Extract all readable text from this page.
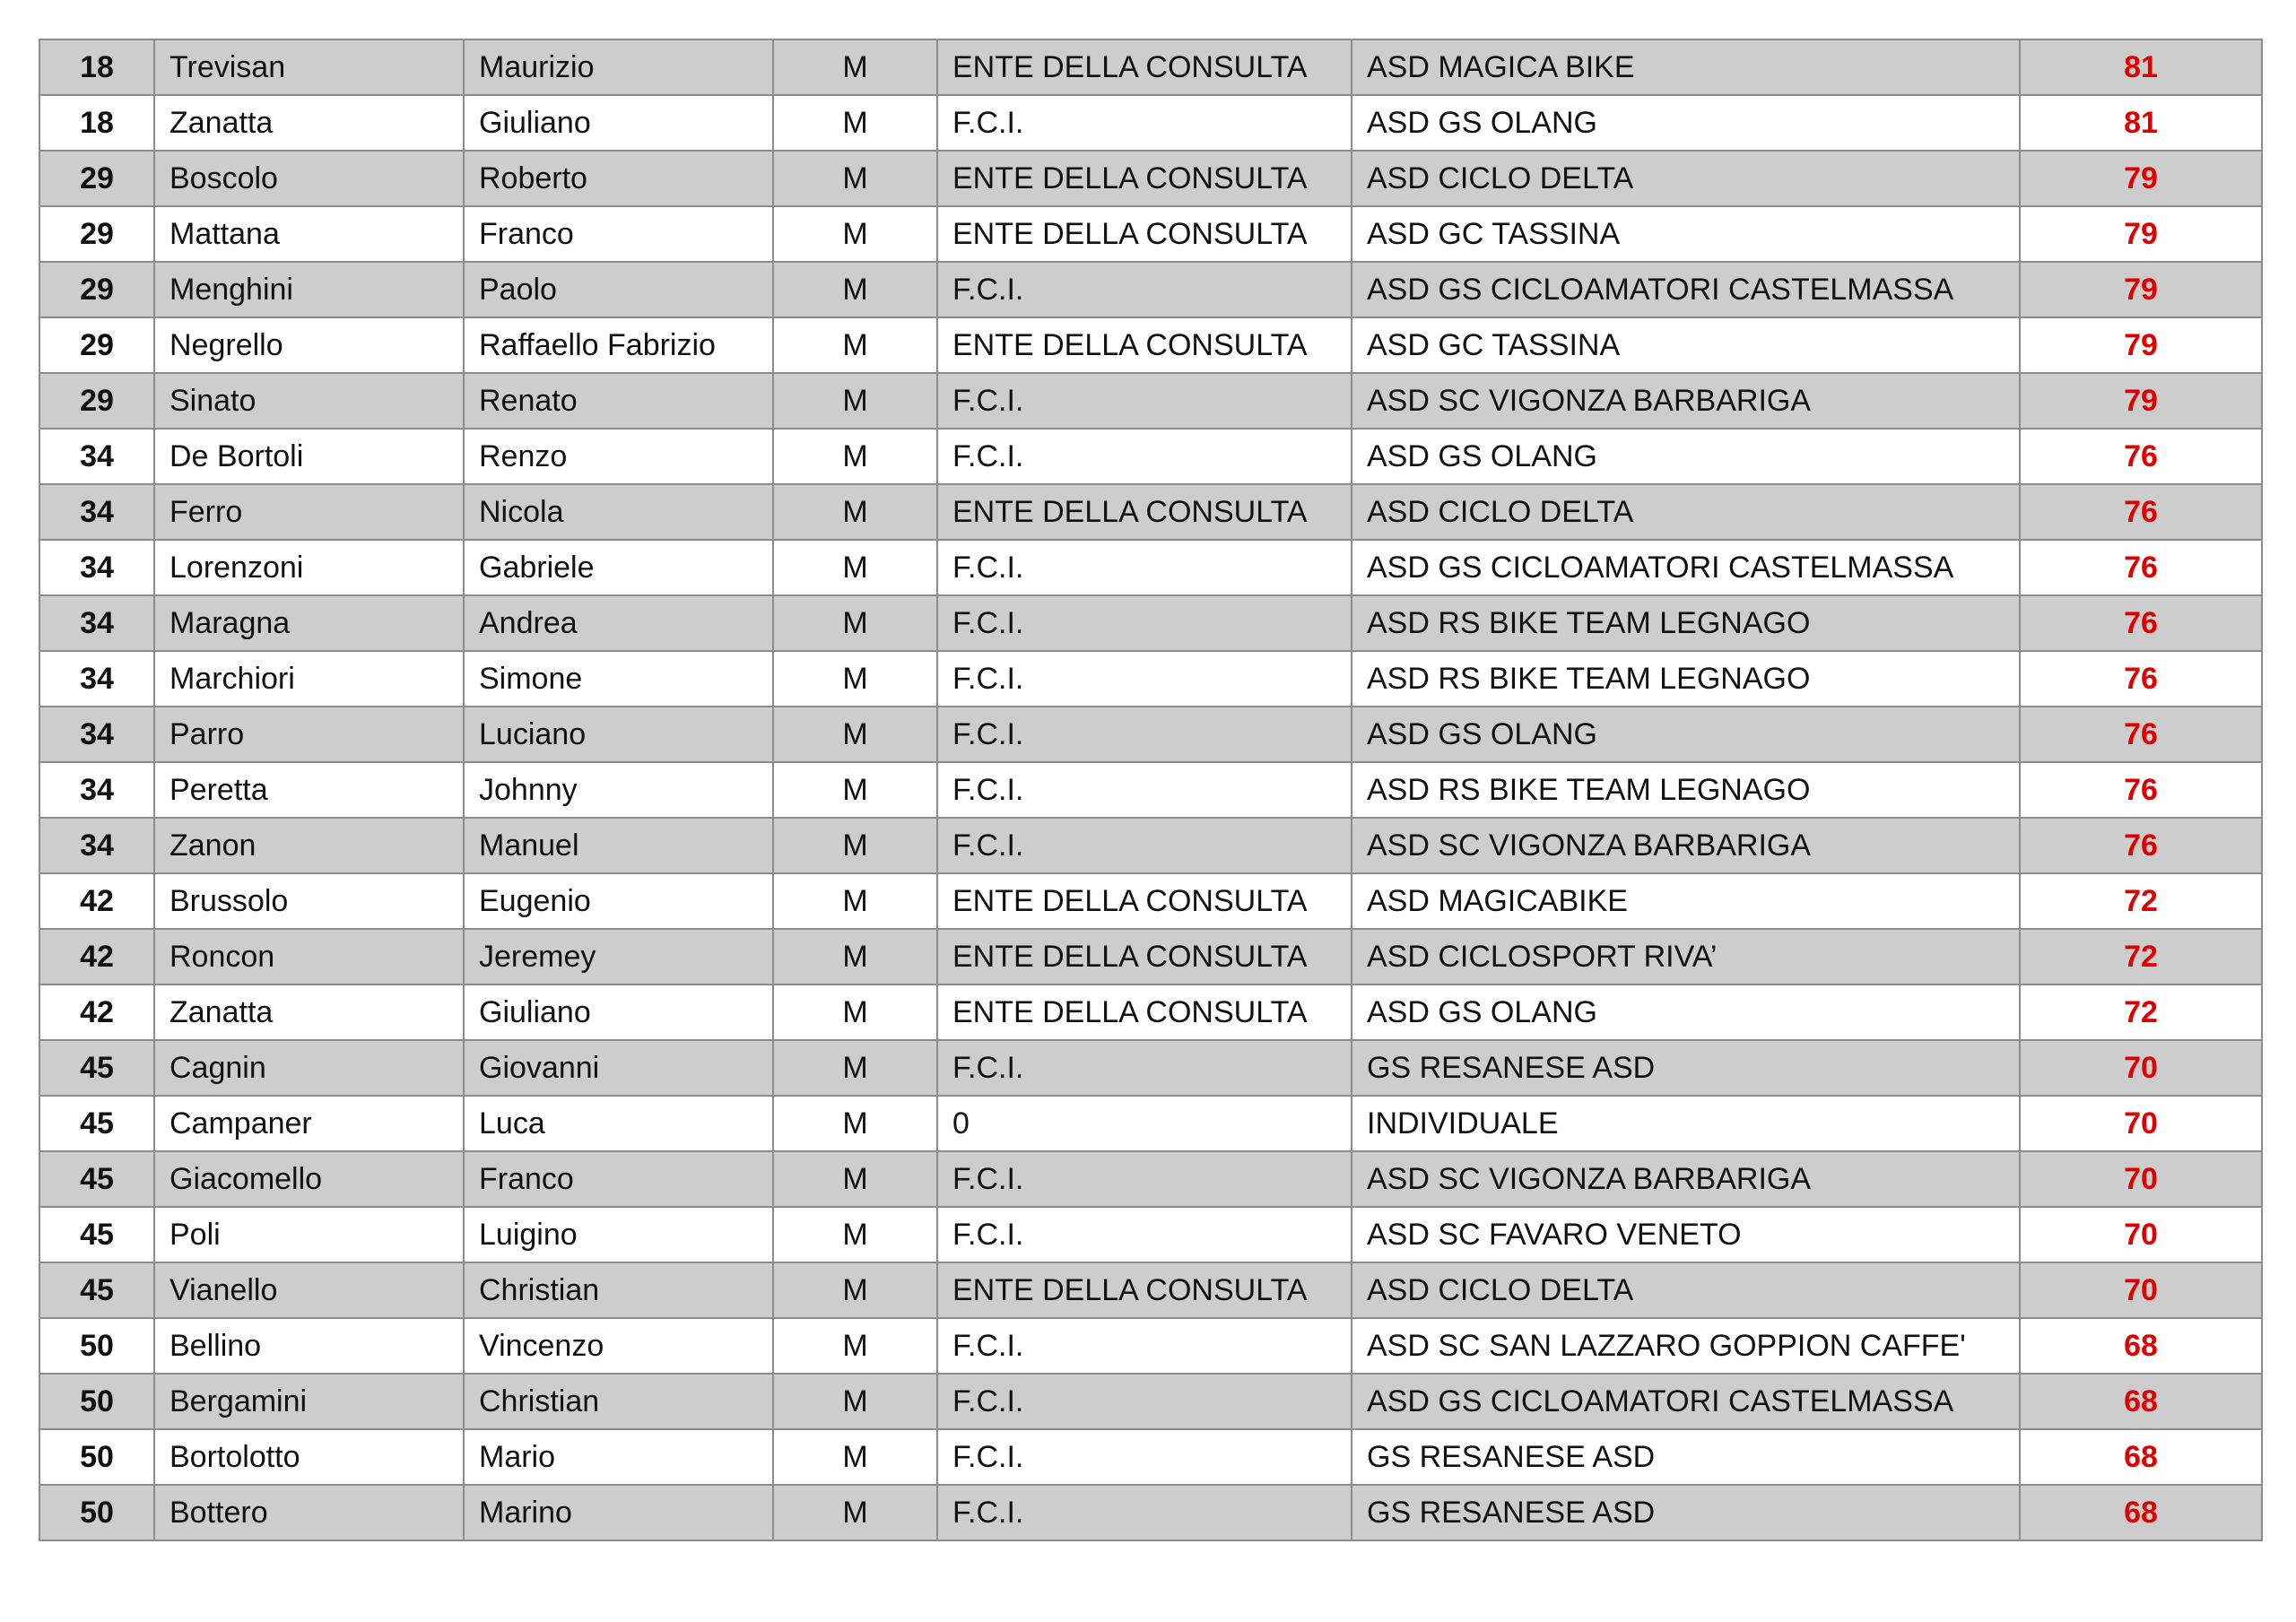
18	Trevisan	Maurizio	M	ENTE DELLA CONSULTA	ASD MAGICA BIKE	81
18	Zanatta	Giuliano	M	F.C.I.	ASD GS OLANG	81
29	Boscolo	Roberto	M	ENTE DELLA CONSULTA	ASD CICLO DELTA	79
29	Mattana	Franco	M	ENTE DELLA CONSULTA	ASD GC TASSINA	79
29	Menghini	Paolo	M	F.C.I.	ASD GS CICLOAMATORI CASTELMASSA	79
29	Negrello	Raffaello Fabrizio	M	ENTE DELLA CONSULTA	ASD GC TASSINA	79
29	Sinato	Renato	M	F.C.I.	ASD SC VIGONZA BARBARIGA	79
34	De Bortoli	Renzo	M	F.C.I.	ASD GS OLANG	76
34	Ferro	Nicola	M	ENTE DELLA CONSULTA	ASD CICLO DELTA	76
34	Lorenzoni	Gabriele	M	F.C.I.	ASD GS CICLOAMATORI CASTELMASSA	76
34	Maragna	Andrea	M	F.C.I.	ASD RS BIKE TEAM LEGNAGO	76
34	Marchiori	Simone	M	F.C.I.	ASD RS BIKE TEAM LEGNAGO	76
34	Parro	Luciano	M	F.C.I.	ASD GS OLANG	76
34	Peretta	Johnny	M	F.C.I.	ASD RS BIKE TEAM LEGNAGO	76
34	Zanon	Manuel	M	F.C.I.	ASD SC VIGONZA BARBARIGA	76
42	Brussolo	Eugenio	M	ENTE DELLA CONSULTA	ASD MAGICABIKE	72
42	Roncon	Jeremey	M	ENTE DELLA CONSULTA	ASD CICLOSPORT RIVA’	72
42	Zanatta	Giuliano	M	ENTE DELLA CONSULTA	ASD GS OLANG	72
45	Cagnin	Giovanni	M	F.C.I.	GS RESANESE ASD	70
45	Campaner	Luca	M	0	INDIVIDUALE	70
45	Giacomello	Franco	M	F.C.I.	ASD SC VIGONZA BARBARIGA	70
45	Poli	Luigino	M	F.C.I.	ASD SC FAVARO VENETO	70
45	Vianello	Christian	M	ENTE DELLA CONSULTA	ASD CICLO DELTA	70
50	Bellino	Vincenzo	M	F.C.I.	ASD SC SAN LAZZARO GOPPION CAFFE'	68
50	Bergamini	Christian	M	F.C.I.	ASD GS CICLOAMATORI CASTELMASSA	68
50	Bortolotto	Mario	M	F.C.I.	GS RESANESE ASD	68
50	Bottero	Marino	M	F.C.I.	GS RESANESE ASD	68
